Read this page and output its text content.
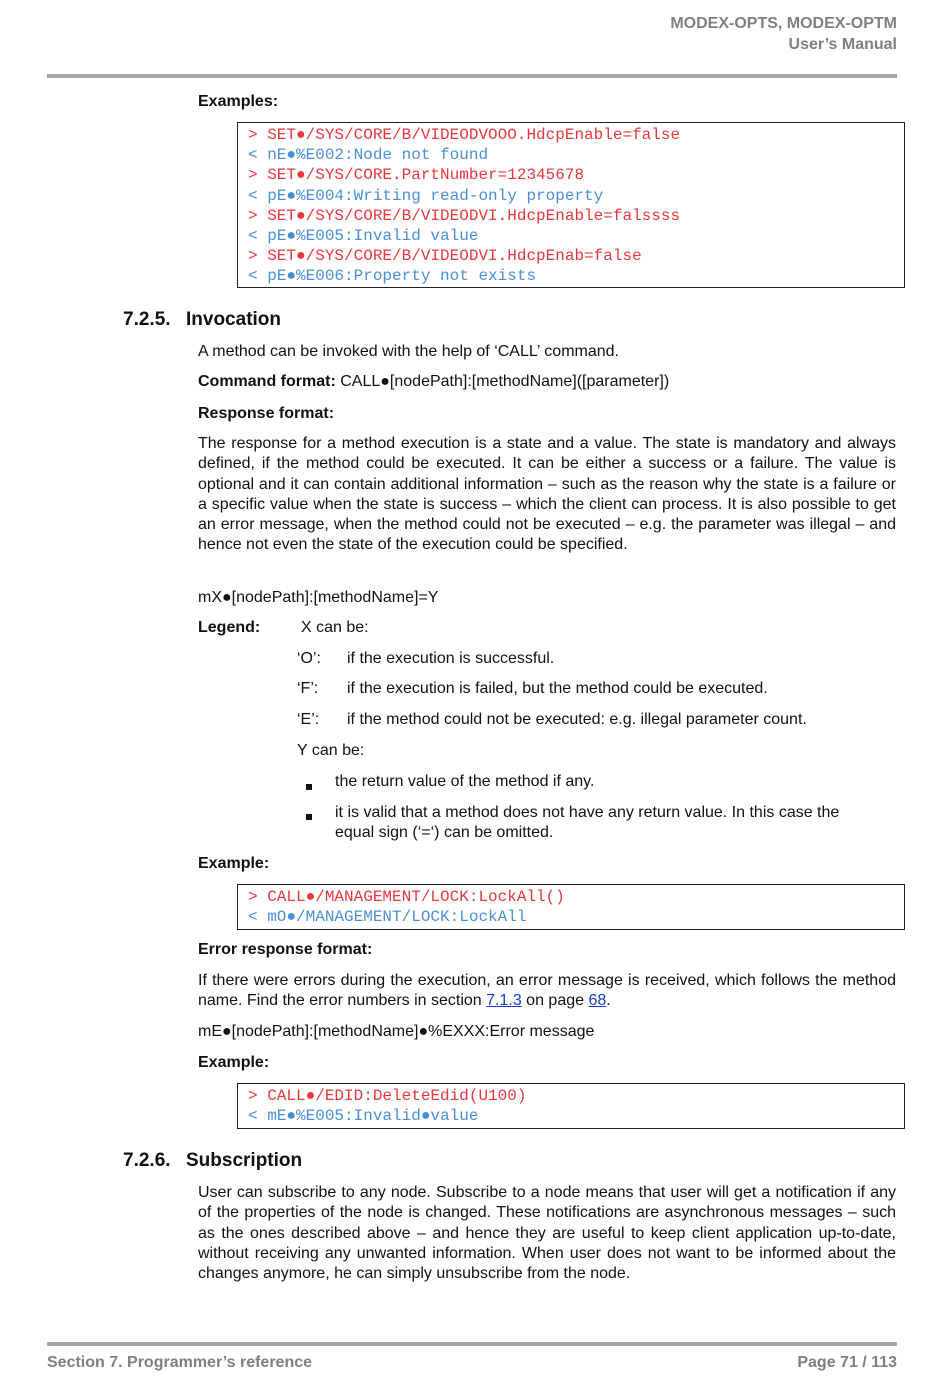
MODEX-OPTS, MODEX-OPTM
User’s Manual
Examples:
> SET●/SYS/CORE/B/VIDEODVOOO.HdcpEnable=false
< nE●%E002:Node not found
> SET●/SYS/CORE.PartNumber=12345678
< pE●%E004:Writing read-only property
> SET●/SYS/CORE/B/VIDEODVI.HdcpEnable=falssss
< pE●%E005:Invalid value
> SET●/SYS/CORE/B/VIDEODVI.HdcpEnab=false
< pE●%E006:Property not exists
7.2.5. Invocation
A method can be invoked with the help of ‘CALL’ command.
Command format: CALL●[nodePath]:[methodName]([parameter])
Response format:
The response for a method execution is a state and a value. The state is mandatory and always defined, if the method could be executed. It can be either a success or a failure. The value is optional and it can contain additional information – such as the reason why the state is a failure or a specific value when the state is success – which the client can process. It is also possible to get an error message, when the method could not be executed – e.g. the parameter was illegal – and hence not even the state of the execution could be specified.
mX●[nodePath]:[methodName]=Y
Legend:	X can be:
‘O’: if the execution is successful.
‘F’: if the execution is failed, but the method could be executed.
‘E’: if the method could not be executed: e.g. illegal parameter count.
Y can be:
the return value of the method if any.
it is valid that a method does not have any return value. In this case the
equal sign (‘=‘) can be omitted.
Example:
> CALL●/MANAGEMENT/LOCK:LockAll()
< mO●/MANAGEMENT/LOCK:LockAll
Error response format:
If there were errors during the execution, an error message is received, which follows the method name. Find the error numbers in section 7.1.3 on page 68.
mE●[nodePath]:[methodName]●%EXXX:Error message
Example:
> CALL●/EDID:DeleteEdid(U100)
< mE●%E005:Invalid●value
7.2.6. Subscription
User can subscribe to any node. Subscribe to a node means that user will get a notification if any of the properties of the node is changed. These notifications are asynchronous messages – such as the ones described above – and hence they are useful to keep client application up-to-date, without receiving any unwanted information. When user does not want to be informed about the changes anymore, he can simply unsubscribe from the node.
Section 7. Programmer’s reference	Page 71 / 113
